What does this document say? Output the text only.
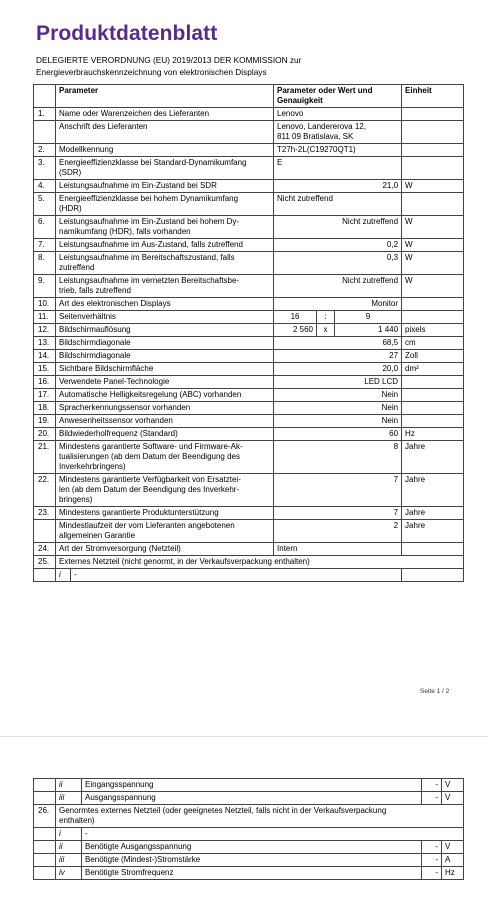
Produktdatenblatt
DELEGIERTE VERORDNUNG (EU) 2019/2013 DER KOMMISSION zur
Energieverbrauchskennzeichnung von elektronischen Displays
	Parameter		Parameter oder Wert und Genauigkeit			Einheit
1.	Name oder Warenzeichen des Lieferanten		Lenovo			
	Anschrift des Lieferanten		Lenovo, Landererova 12,
811 09 Bratislava, SK			

2.	Modellkennung		T27h-2L(C19270QT1)			
3.	Energieeffizienzklasse bei Standard-Dynamikumfang
(SDR)		E			
4.	Leistungsaufnahme im Ein-Zustand bei SDR		21,0			W
5.	Energieeffizienzklasse bei hohem Dynamikumfang
(HDR)		Nicht zutreffend			
6.	Leistungsaufnahme im Ein-Zustand bei hohem Dy-
namikumfang (HDR), falls vorhanden		Nicht zutreffend			W
7.	Leistungsaufnahme im Aus-Zustand, falls zutreffend		0,2			W
8.	Leistungsaufnahme im Bereitschaftszustand, falls
zutreffend		0,3			W
9.	Leistungsaufnahme im vernetzten Bereitschaftsbe-
trieb, falls zutreffend		Nicht zutreffend			W
10.	Art des elektronischen Displays		Monitor			
11.	Seitenverhältnis		16	:	9	
12.	Bildschirmauflösung		2 560	x	1 440	pixels
13.	Bildschirmdiagonale		68,5			cm
14.	Bildschirmdiagonale		27			Zoll
15.	Sichtbare Bildschirmfläche		20,0			dm²
16.	Verwendete Panel-Technologie		LED LCD			
17.	Automatische Helligkeitsregelung (ABC) vorhanden		Nein			
18.	Spracherkennungssensor vorhanden		Nein			
19.	Anwesenheitssensor vorhanden		Nein			
20.	Bildwiederholfrequenz (Standard)		60			Hz
21.	Mindestens garantierte Software- und Firmware-Ak-
tualisierungen (ab dem Datum der Beendigung des
Inverkehrbringens)		8			Jahre
22.	Mindestens garantierte Verfügbarkeit von Ersatztei-
len (ab dem Datum der Beendigung des Inverkehr-
bringens)		7			Jahre
23.	Mindestens garantierte Produktunterstützung		7			Jahre

	Mindestlaufzeit der vom Lieferanten angebotenen
allgemeinen Garantie		2			Jahre
24.	Art der Stromversorgung (Netzteil)		Intern			
25.	Externes Netzteil (nicht genormt, in der Verkaufsverpackung enthalten)					
	i	-				
Seite 1 / 2
	ii	Eingangsspannung	-	V
	iii	Ausgangsspannung	-	V
26.	Genormtes externes Netzteil (oder geeignetes Netzteil, falls nicht in der Verkaufsverpackung
enthalten)			

	i	-		
	ii	Benötigte Ausgangsspannung	-	V
	iii	Benötigte (Mindest-)Stromstärke	-	A
	iv	Benötigte Stromfrequenz	-	Hz
